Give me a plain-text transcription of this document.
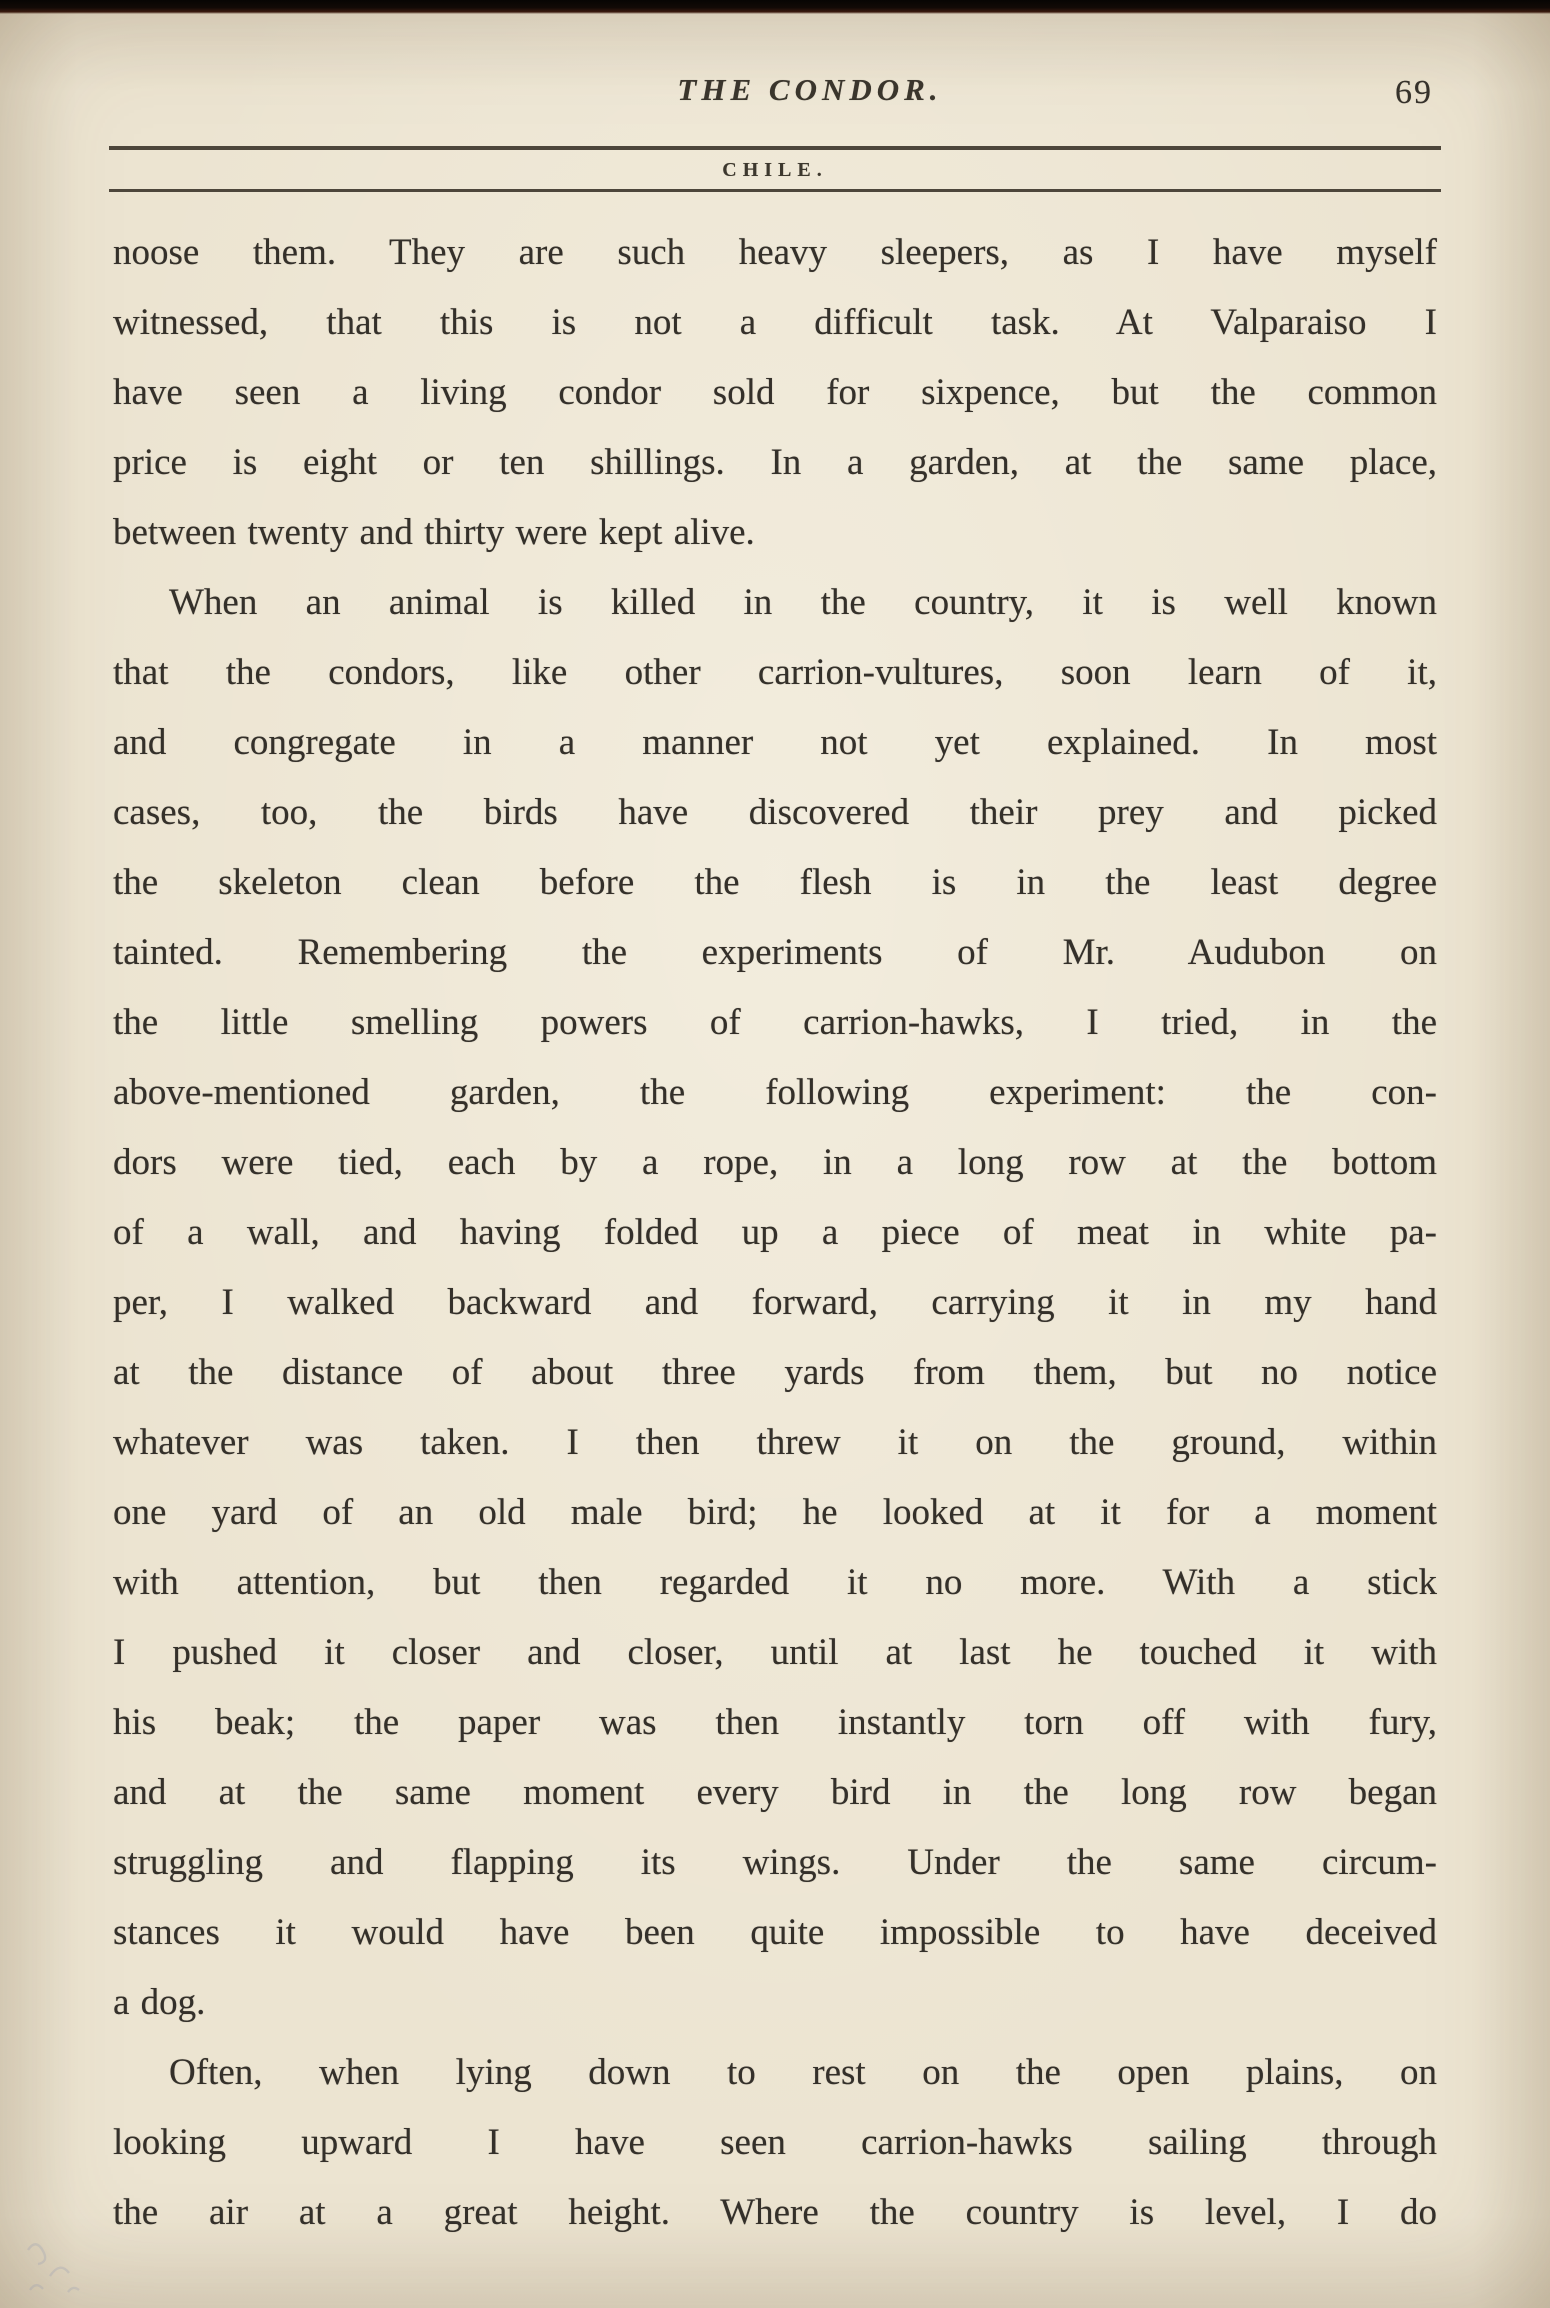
THE CONDOR.	69
CHILE.
noose them. They are such heavy sleepers, as I have myself
witnessed, that this is not a difficult task. At Valparaiso I
have seen a living condor sold for sixpence, but the common
price is eight or ten shillings. In a garden, at the same place,
between twenty and thirty were kept alive.
When an animal is killed in the country, it is well known
that the condors, like other carrion-vultures, soon learn of it,
and congregate in a manner not yet explained. In most
cases, too, the birds have discovered their prey and picked
the skeleton clean before the flesh is in the least degree
tainted. Remembering the experiments of Mr. Audubon on
the little smelling powers of carrion-hawks, I tried, in the
above-mentioned garden, the following experiment: the con-
dors were tied, each by a rope, in a long row at the bottom
of a wall, and having folded up a piece of meat in white pa-
per, I walked backward and forward, carrying it in my hand
at the distance of about three yards from them, but no notice
whatever was taken. I then threw it on the ground, within
one yard of an old male bird; he looked at it for a moment
with attention, but then regarded it no more. With a stick
I pushed it closer and closer, until at last he touched it with
his beak; the paper was then instantly torn off with fury,
and at the same moment every bird in the long row began
struggling and flapping its wings. Under the same circum-
stances it would have been quite impossible to have deceived
a dog.
Often, when lying down to rest on the open plains, on
looking upward I have seen carrion-hawks sailing through
the air at a great height. Where the country is level, I do
